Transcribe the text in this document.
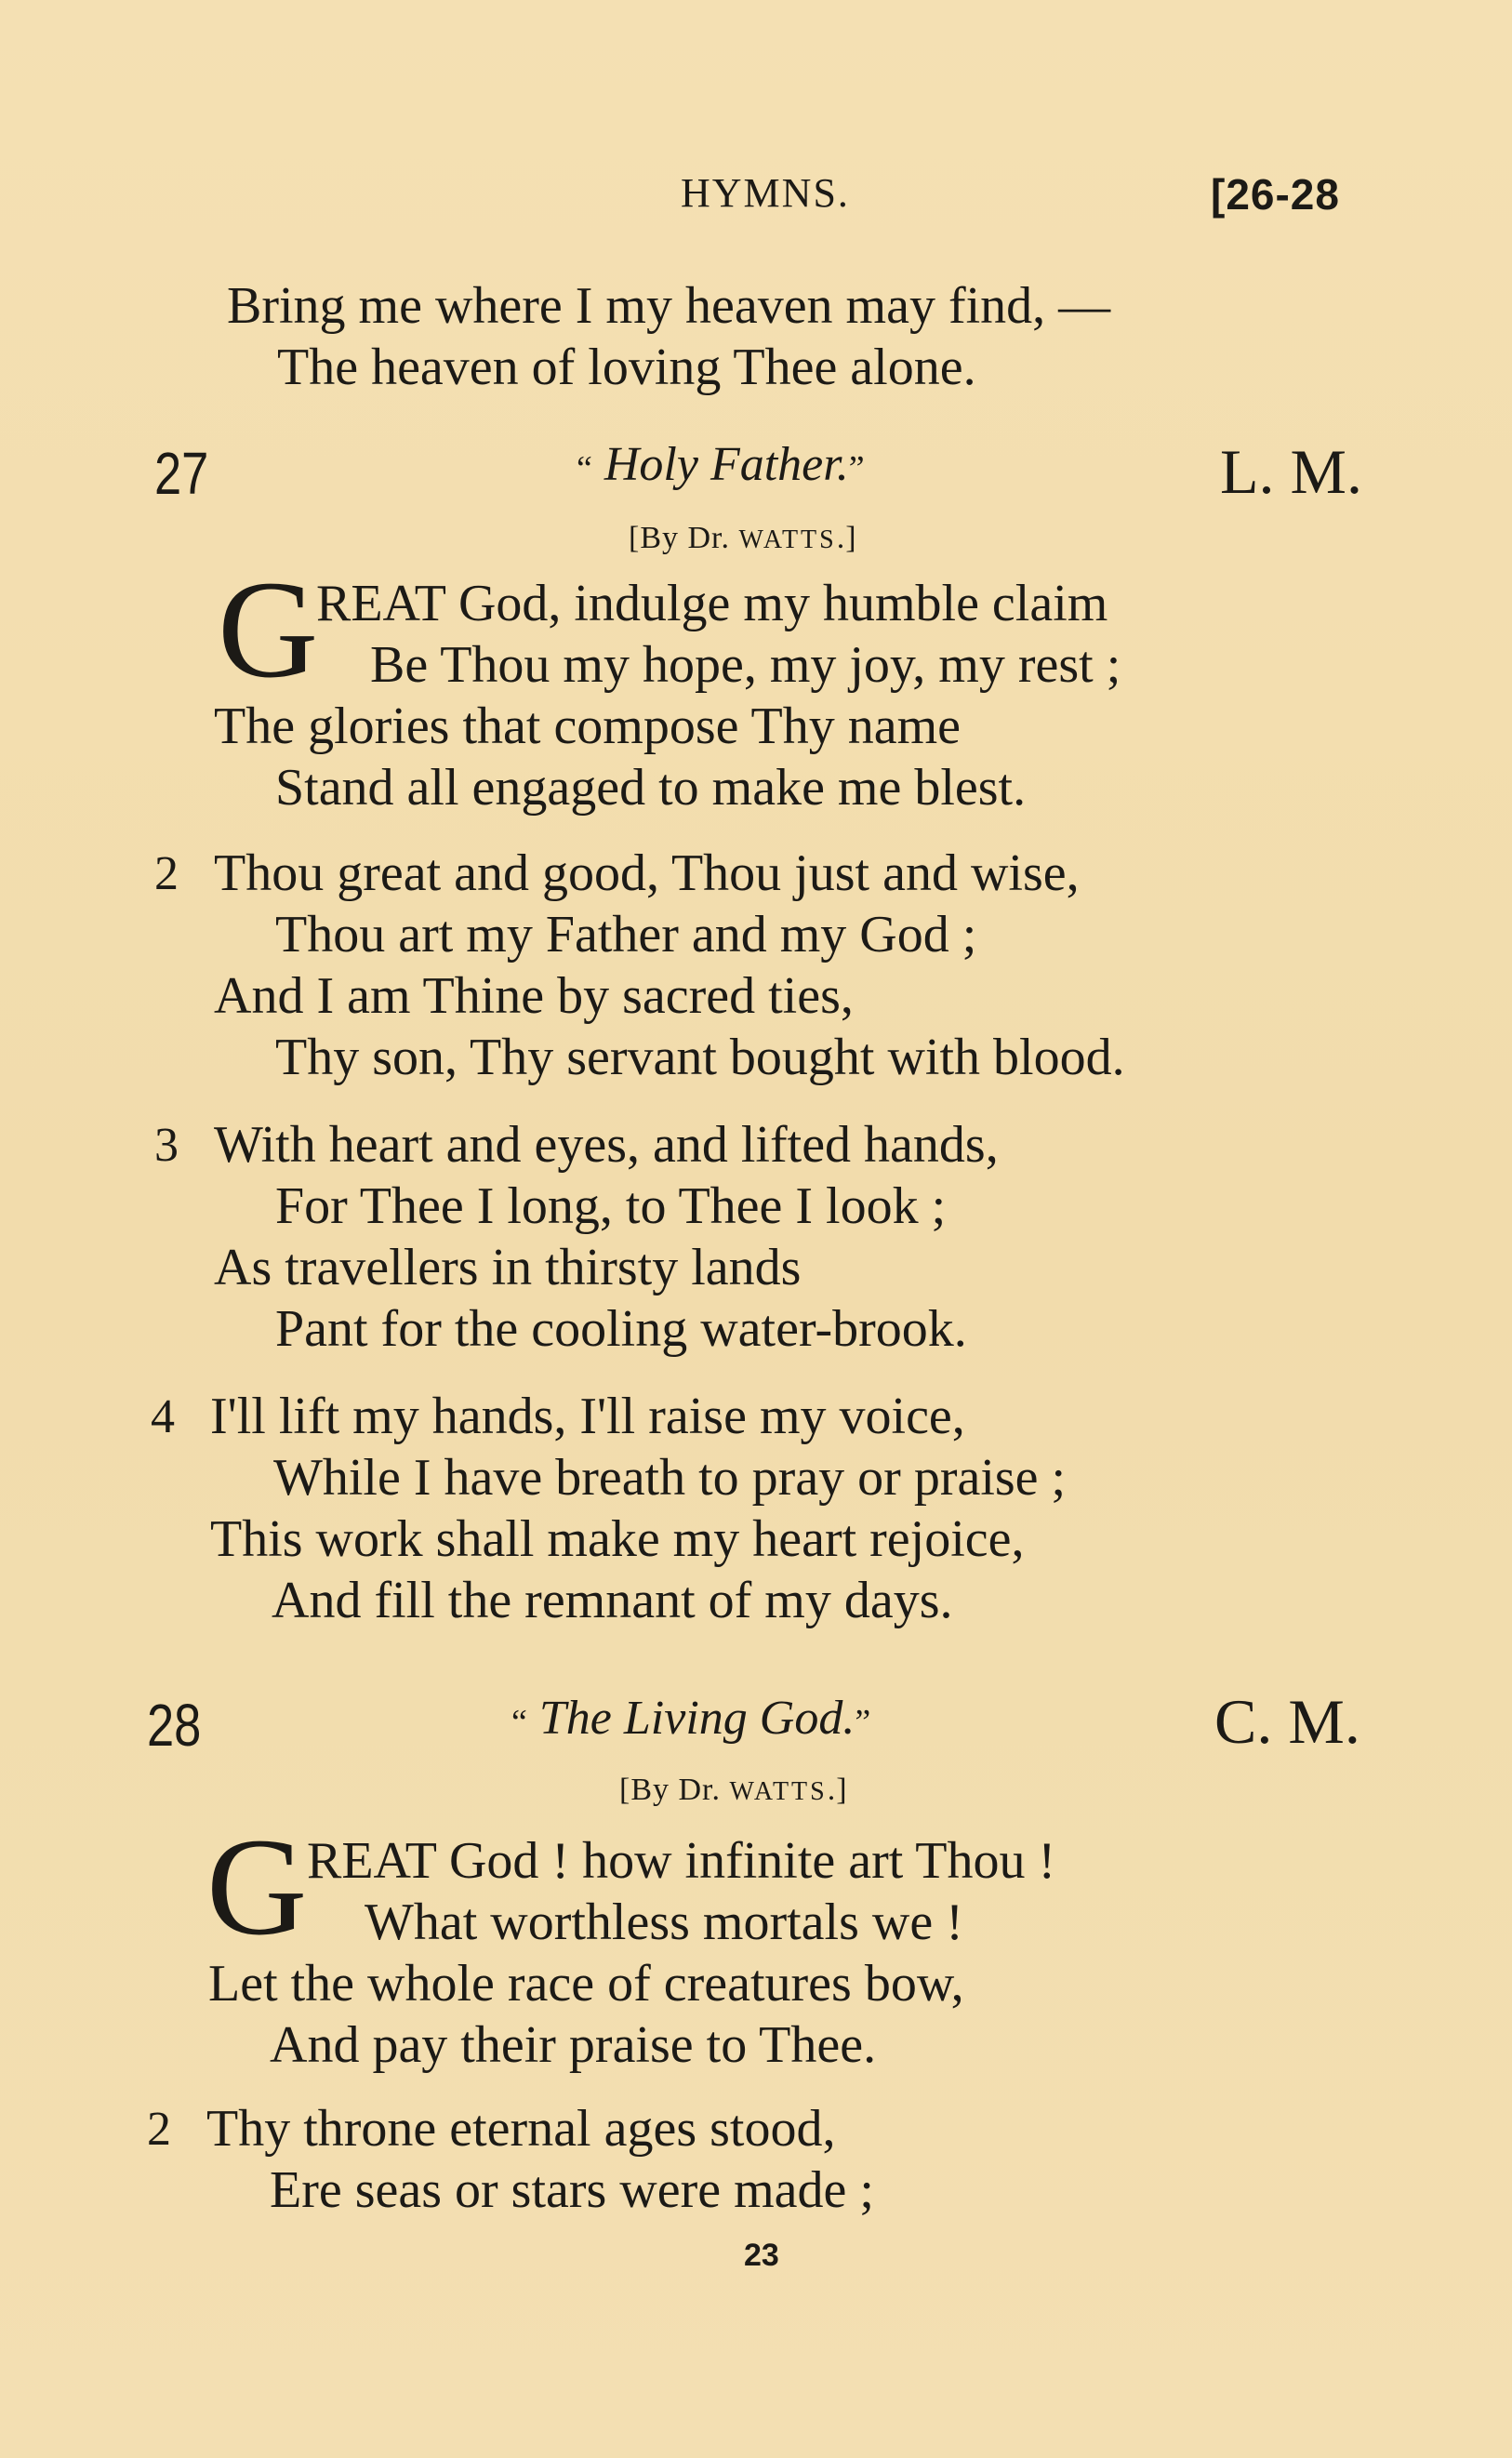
HYMNS.	[26-28
Bring me where I my heaven may find, —
The heaven of loving Thee alone.
27	“ Holy Father.”	L. M.
[By Dr. WATTS.]
G
REAT God, indulge my humble claim
Be Thou my hope, my joy, my rest ;
The glories that compose Thy name
Stand all engaged to make me blest.
2 Thou great and good, Thou just and wise,
Thou art my Father and my God ;
And I am Thine by sacred ties,
Thy son, Thy servant bought with blood.
3 With heart and eyes, and lifted hands,
For Thee I long, to Thee I look ;
As travellers in thirsty lands
Pant for the cooling water-brook.
4 I'll lift my hands, I'll raise my voice,
While I have breath to pray or praise ;
This work shall make my heart rejoice,
And fill the remnant of my days.
28	“ The Living God.”	C. M.
[By Dr. WATTS.]
G REAT God ! how infinite art Thou !
What worthless mortals we !
Let the whole race of creatures bow,
And pay their praise to Thee.
2 Thy throne eternal ages stood,
Ere seas or stars were made ;
23
